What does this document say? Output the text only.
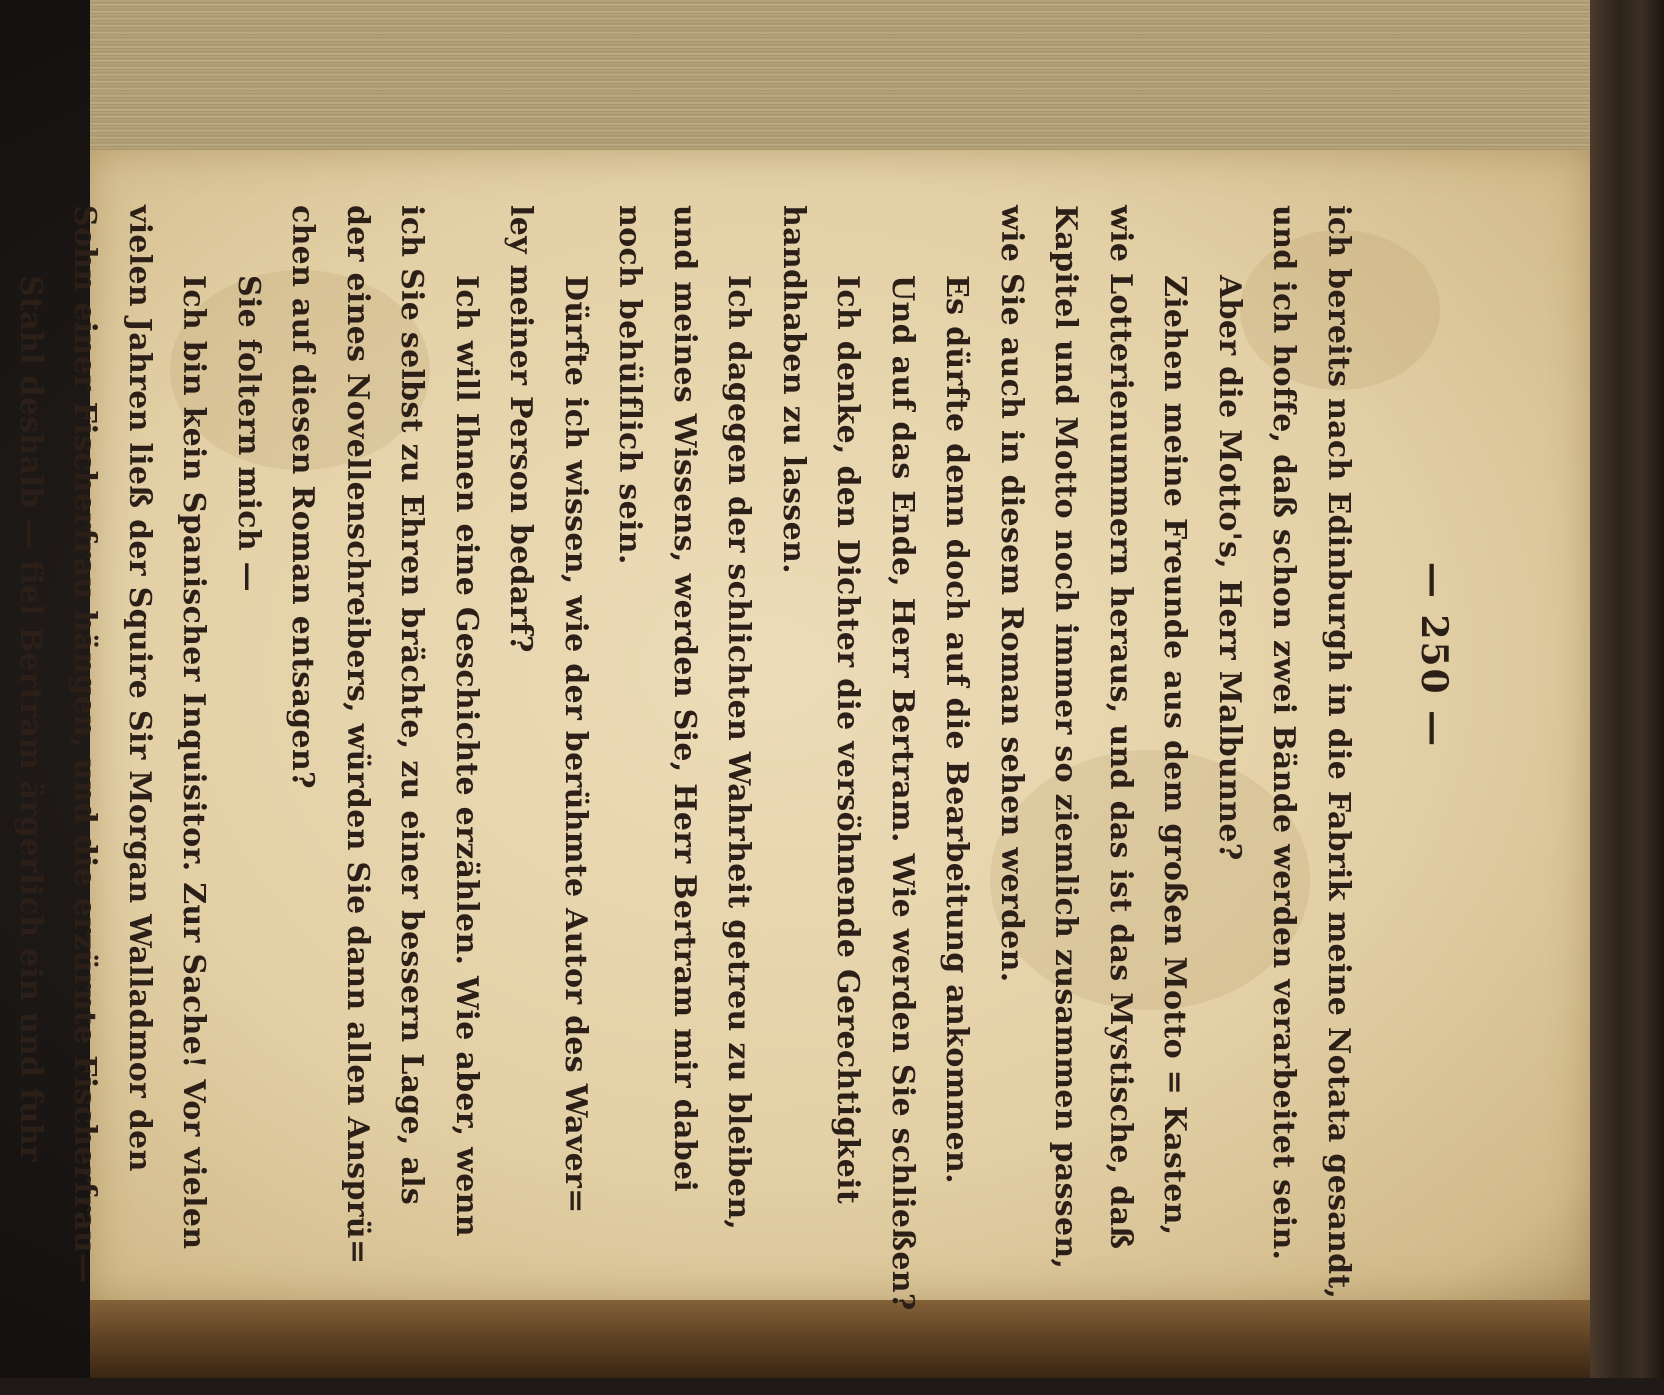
— 250 —
ich bereits nach Edinburgh in die Fabrik meine Notata gesandt,
und ich hoffe, daß schon zwei Bände werden verarbeitet sein.
Aber die Motto's, Herr Malbunne?
Ziehen meine Freunde aus dem großen Motto = Kasten,
wie Lotterienummern heraus, und das ist das Mystische, daß
Kapitel und Motto noch immer so ziemlich zusammen passen,
wie Sie auch in diesem Roman sehen werden.
Es dürfte denn doch auf die Bearbeitung ankommen.
Und auf das Ende, Herr Bertram. Wie werden Sie schließen?
Ich denke, den Dichter die versöhnende Gerechtigkeit
handhaben zu lassen.
Ich dagegen der schlichten Wahrheit getreu zu bleiben,
und meines Wissens, werden Sie, Herr Bertram mir dabei
noch behülflich sein.
Dürfte ich wissen, wie der berühmte Autor des Waver=
ley meiner Person bedarf?
Ich will Ihnen eine Geschichte erzählen. Wie aber, wenn
ich Sie selbst zu Ehren brächte, zu einer bessern Lage, als
der eines Novellenschreibers, würden Sie dann allen Ansprü=
chen auf diesen Roman entsagen?
Sie foltern mich —
Ich bin kein Spanischer Inquisitor. Zur Sache! Vor vielen
vielen Jahren ließ der Squire Sir Morgan Walladmor den
Sohn einer Fischerfrau hängen, und die erzürnte Fischerfrau—
Stahl deshalb — fiel Bertram ärgerlich ein und fuhr
